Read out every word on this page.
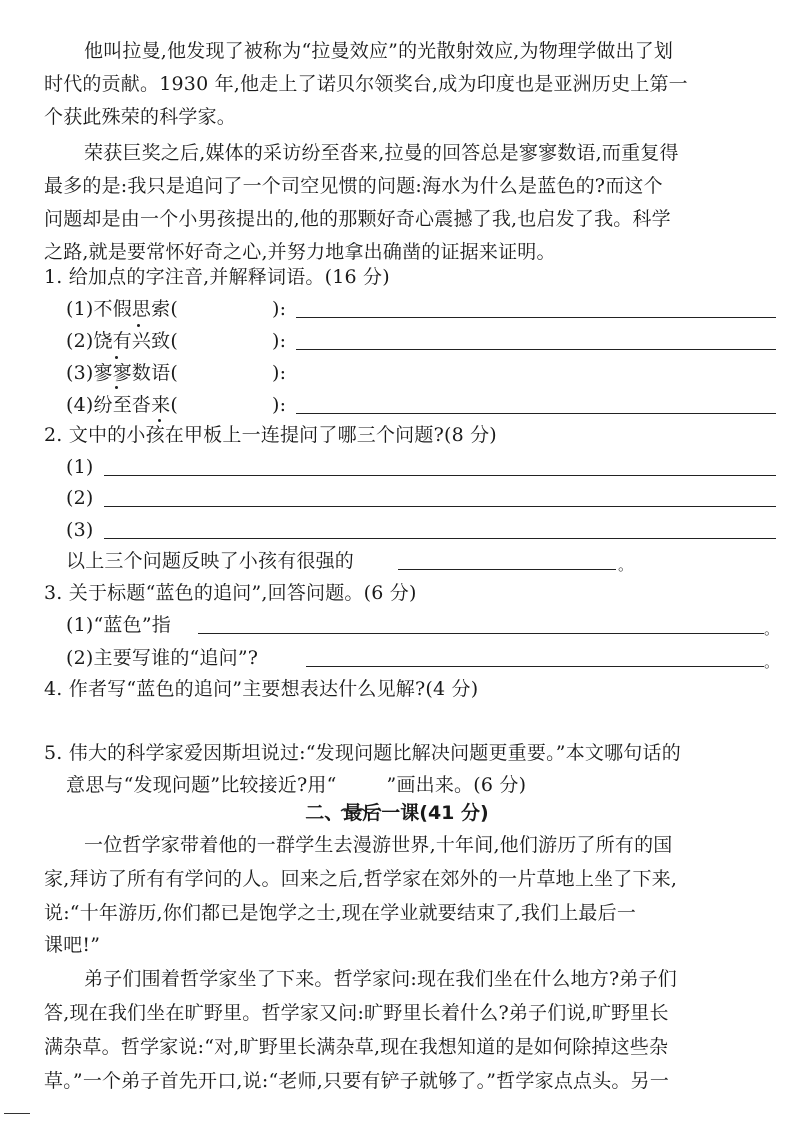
他叫拉曼,他发现了被称为“拉曼效应”的光散射效应,为物理学做出了划
时代的贡献。1930 年,他走上了诺贝尔领奖台,成为印度也是亚洲历史上第一
个获此殊荣的科学家。
荣获巨奖之后,媒体的采访纷至沓来,拉曼的回答总是寥寥数语,而重复得
最多的是:我只是追问了一个司空见惯的问题:海水为什么是蓝色的?而这个
问题却是由一个小男孩提出的,他的那颗好奇心震撼了我,也启发了我。科学
之路,就是要常怀好奇之心,并努力地拿出确凿的证据来证明。
1. 给加点的字注音,并解释词语。(16 分)
(1)不假思索(	):
(2)饶有兴致(	):
(3)寥寥数语(	):
(4)纷至沓来(	):
2. 文中的小孩在甲板上一连提问了哪三个问题?(8 分)
(1)
(2)
(3)
以上三个问题反映了小孩有很强的	。
3. 关于标题“蓝色的追问”,回答问题。(6 分)
(1)“蓝色”指	。
(2)主要写谁的“追问”?	。
4. 作者写“蓝色的追问”主要想表达什么见解?(4 分)
5. 伟大的科学家爱因斯坦说过:“发现问题比解决问题更重要。”本文哪句话的
意思与“发现问题”比较接近?用“	”画出来。(6 分)
二、最后一课(41 分)
一位哲学家带着他的一群学生去漫游世界,十年间,他们游历了所有的国
家,拜访了所有有学问的人。回来之后,哲学家在郊外的一片草地上坐了下来,
说:“十年游历,你们都已是饱学之士,现在学业就要结束了,我们上最后一
课吧!”
弟子们围着哲学家坐了下来。哲学家问:现在我们坐在什么地方?弟子们
答,现在我们坐在旷野里。哲学家又问:旷野里长着什么?弟子们说,旷野里长
满杂草。哲学家说:“对,旷野里长满杂草,现在我想知道的是如何除掉这些杂
草。”一个弟子首先开口,说:“老师,只要有铲子就够了。”哲学家点点头。另一
